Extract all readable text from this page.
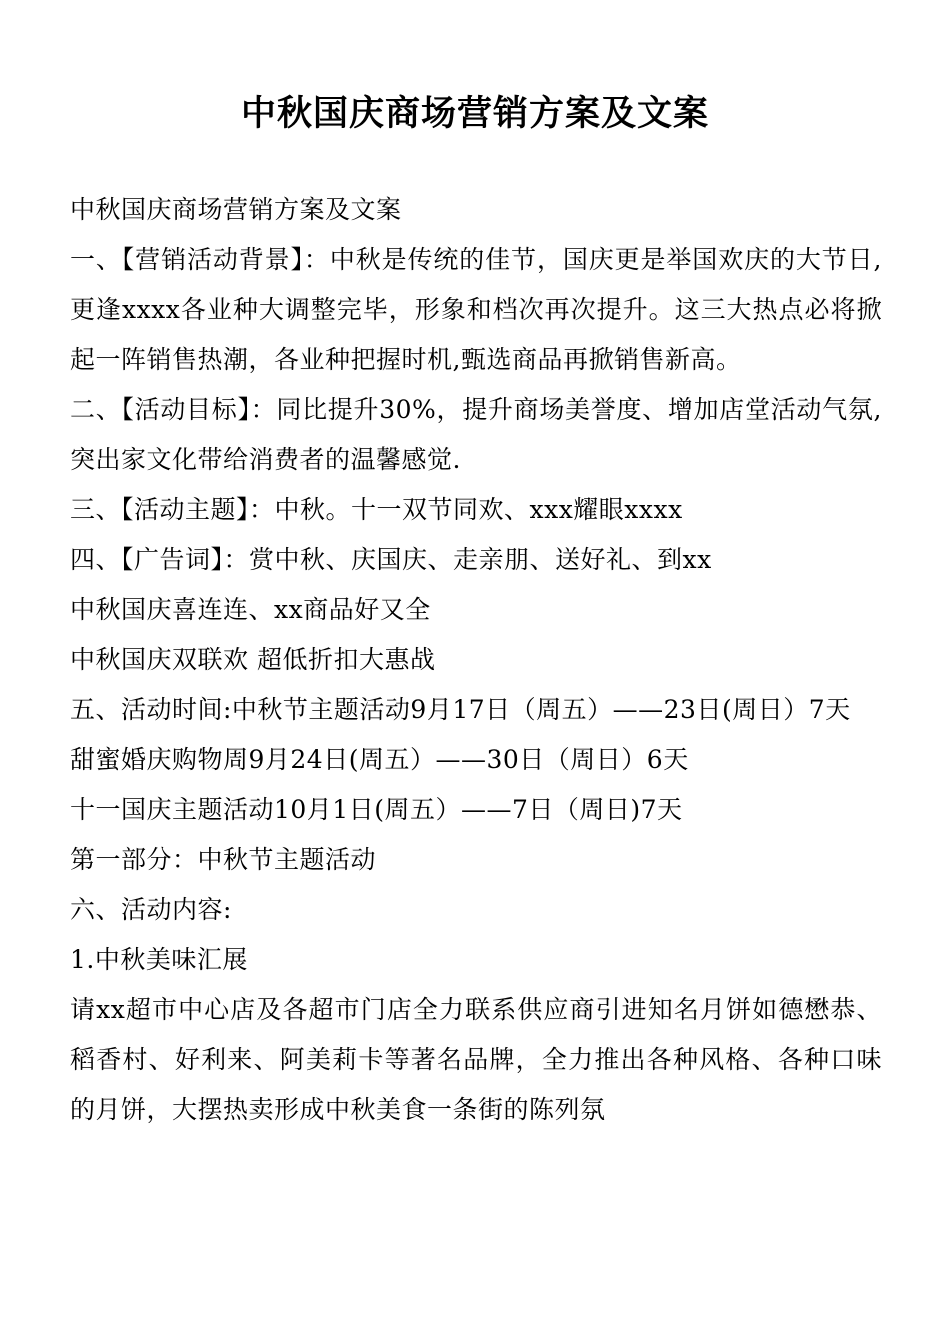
中秋国庆商场营销方案及文案

中秋国庆商场营销方案及文案

一、【营销活动背景】：中秋是传统的佳节，国庆更是举国欢庆的大节日,更逢xxxx各业种大调整完毕，形象和档次再次提升。这三大热点必将掀起一阵销售热潮，各业种把握时机,甄选商品再掀销售新高。

二、【活动目标】：同比提升30%，提升商场美誉度、增加店堂活动气氛,突出家文化带给消费者的温馨感觉.

三、【活动主题】：中秋。十一双节同欢、xxx耀眼xxxx

四、【广告词】：赏中秋、庆国庆、走亲朋、送好礼、到xx

中秋国庆喜连连、xx商品好又全

中秋国庆双联欢 超低折扣大惠战

五、活动时间:中秋节主题活动9月17日（周五）——23日(周日）7天

甜蜜婚庆购物周9月24日(周五）——30日（周日）6天

十一国庆主题活动10月1日(周五）——7日（周日)7天

第一部分：中秋节主题活动

六、活动内容:

1.中秋美味汇展

请xx超市中心店及各超市门店全力联系供应商引进知名月饼如德懋恭、稻香村、好利来、阿美莉卡等著名品牌，全力推出各种风格、各种口味的月饼，大摆热卖形成中秋美食一条街的陈列氛
